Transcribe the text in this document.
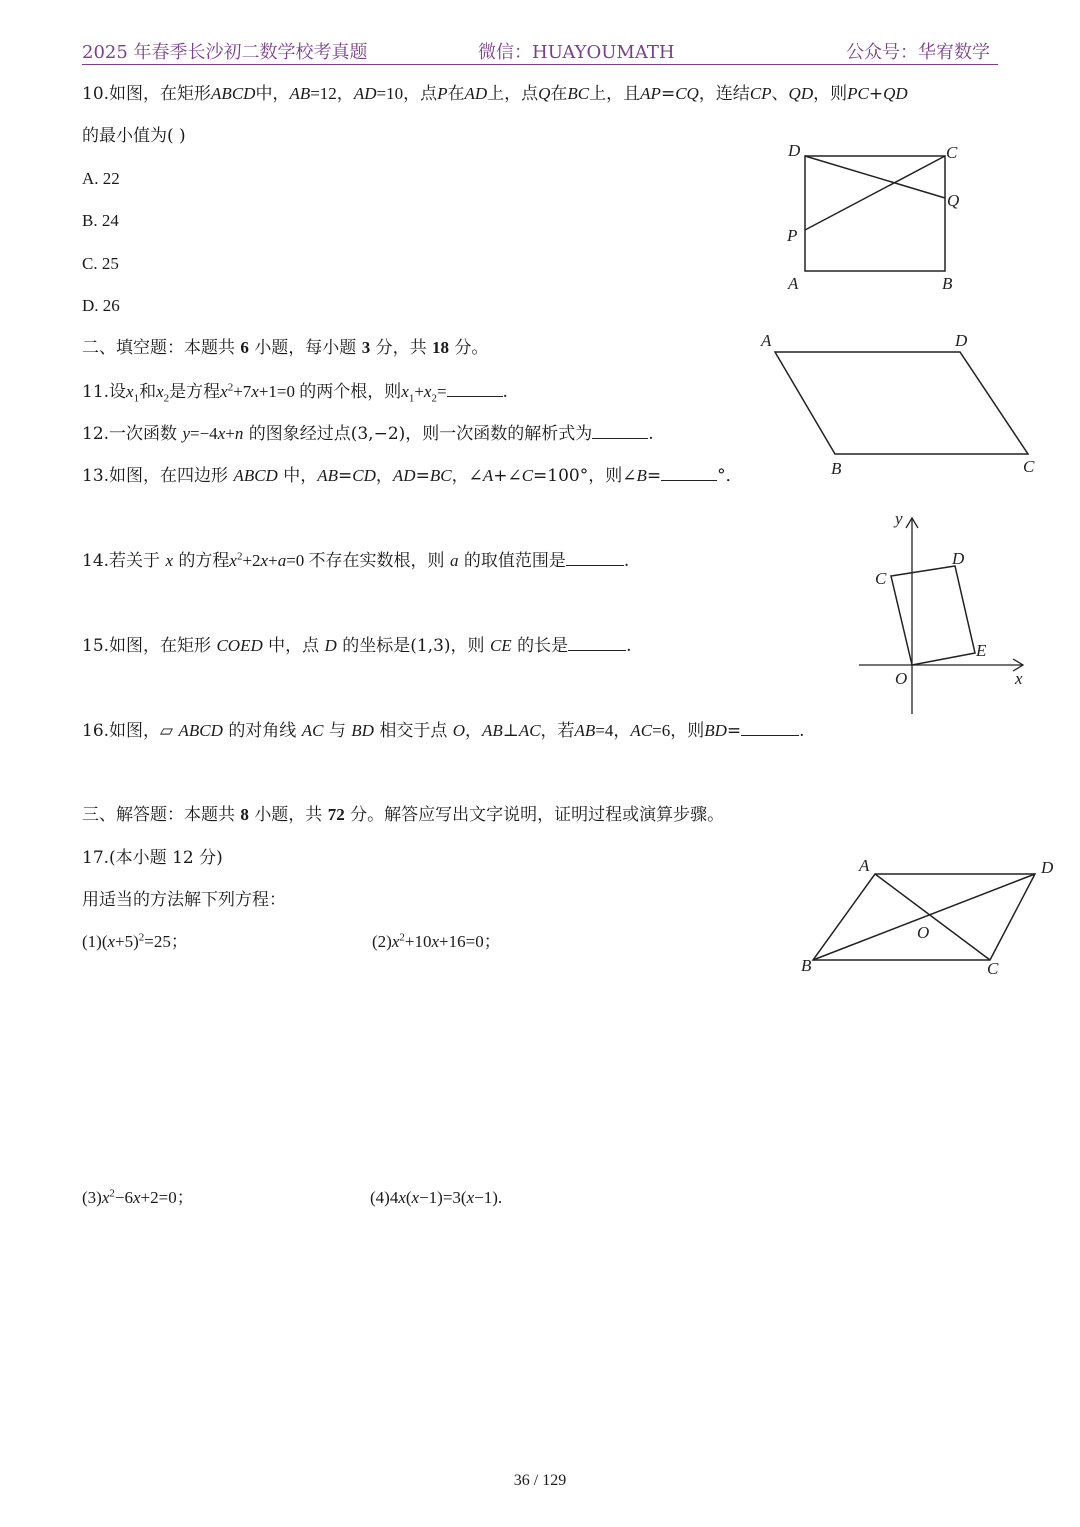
2025 年春季长沙初二数学校考真题	微信：HUAYOUMATH	公众号：华宥数学
10.如图，在矩形ABCD中，AB=12，AD=10，点P在AD上，点Q在BC上，且AP=CQ，连结CP、QD，则PC+QD
的最小值为( )
A. 22
B. 24
C. 25
D. 26
D	C
Q
P
A	B
二、填空题：本题共 6 小题，每小题 3 分，共 18 分。	A	D
B	C
11.设$x_1$和$x_2$是方程$x^2+7x+1=0$ 的两个根，则$x_1+x_2=$	.
12.一次函数 y=−4x+n 的图象经过点(3,−2)，则一次函数的解析式为	.
13.如图，在四边形 ABCD 中，AB=CD，AD=BC，∠A+∠C=100°，则∠B=	°．
y
x
O
C
D
E
14.若关于 x 的方程$x^2+2x+a=0$ 不存在实数根，则 a 的取值范围是	.
15.如图，在矩形 COED 中，点 D 的坐标是(1,3)，则 CE 的长是	.
16.如图，▱ ABCD 的对角线 AC 与 BD 相交于点 O，AB⊥AC，若AB=4，AC=6，则BD=	.
三、解答题：本题共 8 小题，共 72 分。解答应写出文字说明，证明过程或演算步骤。
A	D
O
B	C
17.(本小题 12 分)
用适当的方法解下列方程：
$(1)(x+5)^2=25$；	$(2)x^2+10x+16=0$；
$(3)x^2-6x+2=0$；	(4)4x(x−1)=3(x−1).
36 / 129
